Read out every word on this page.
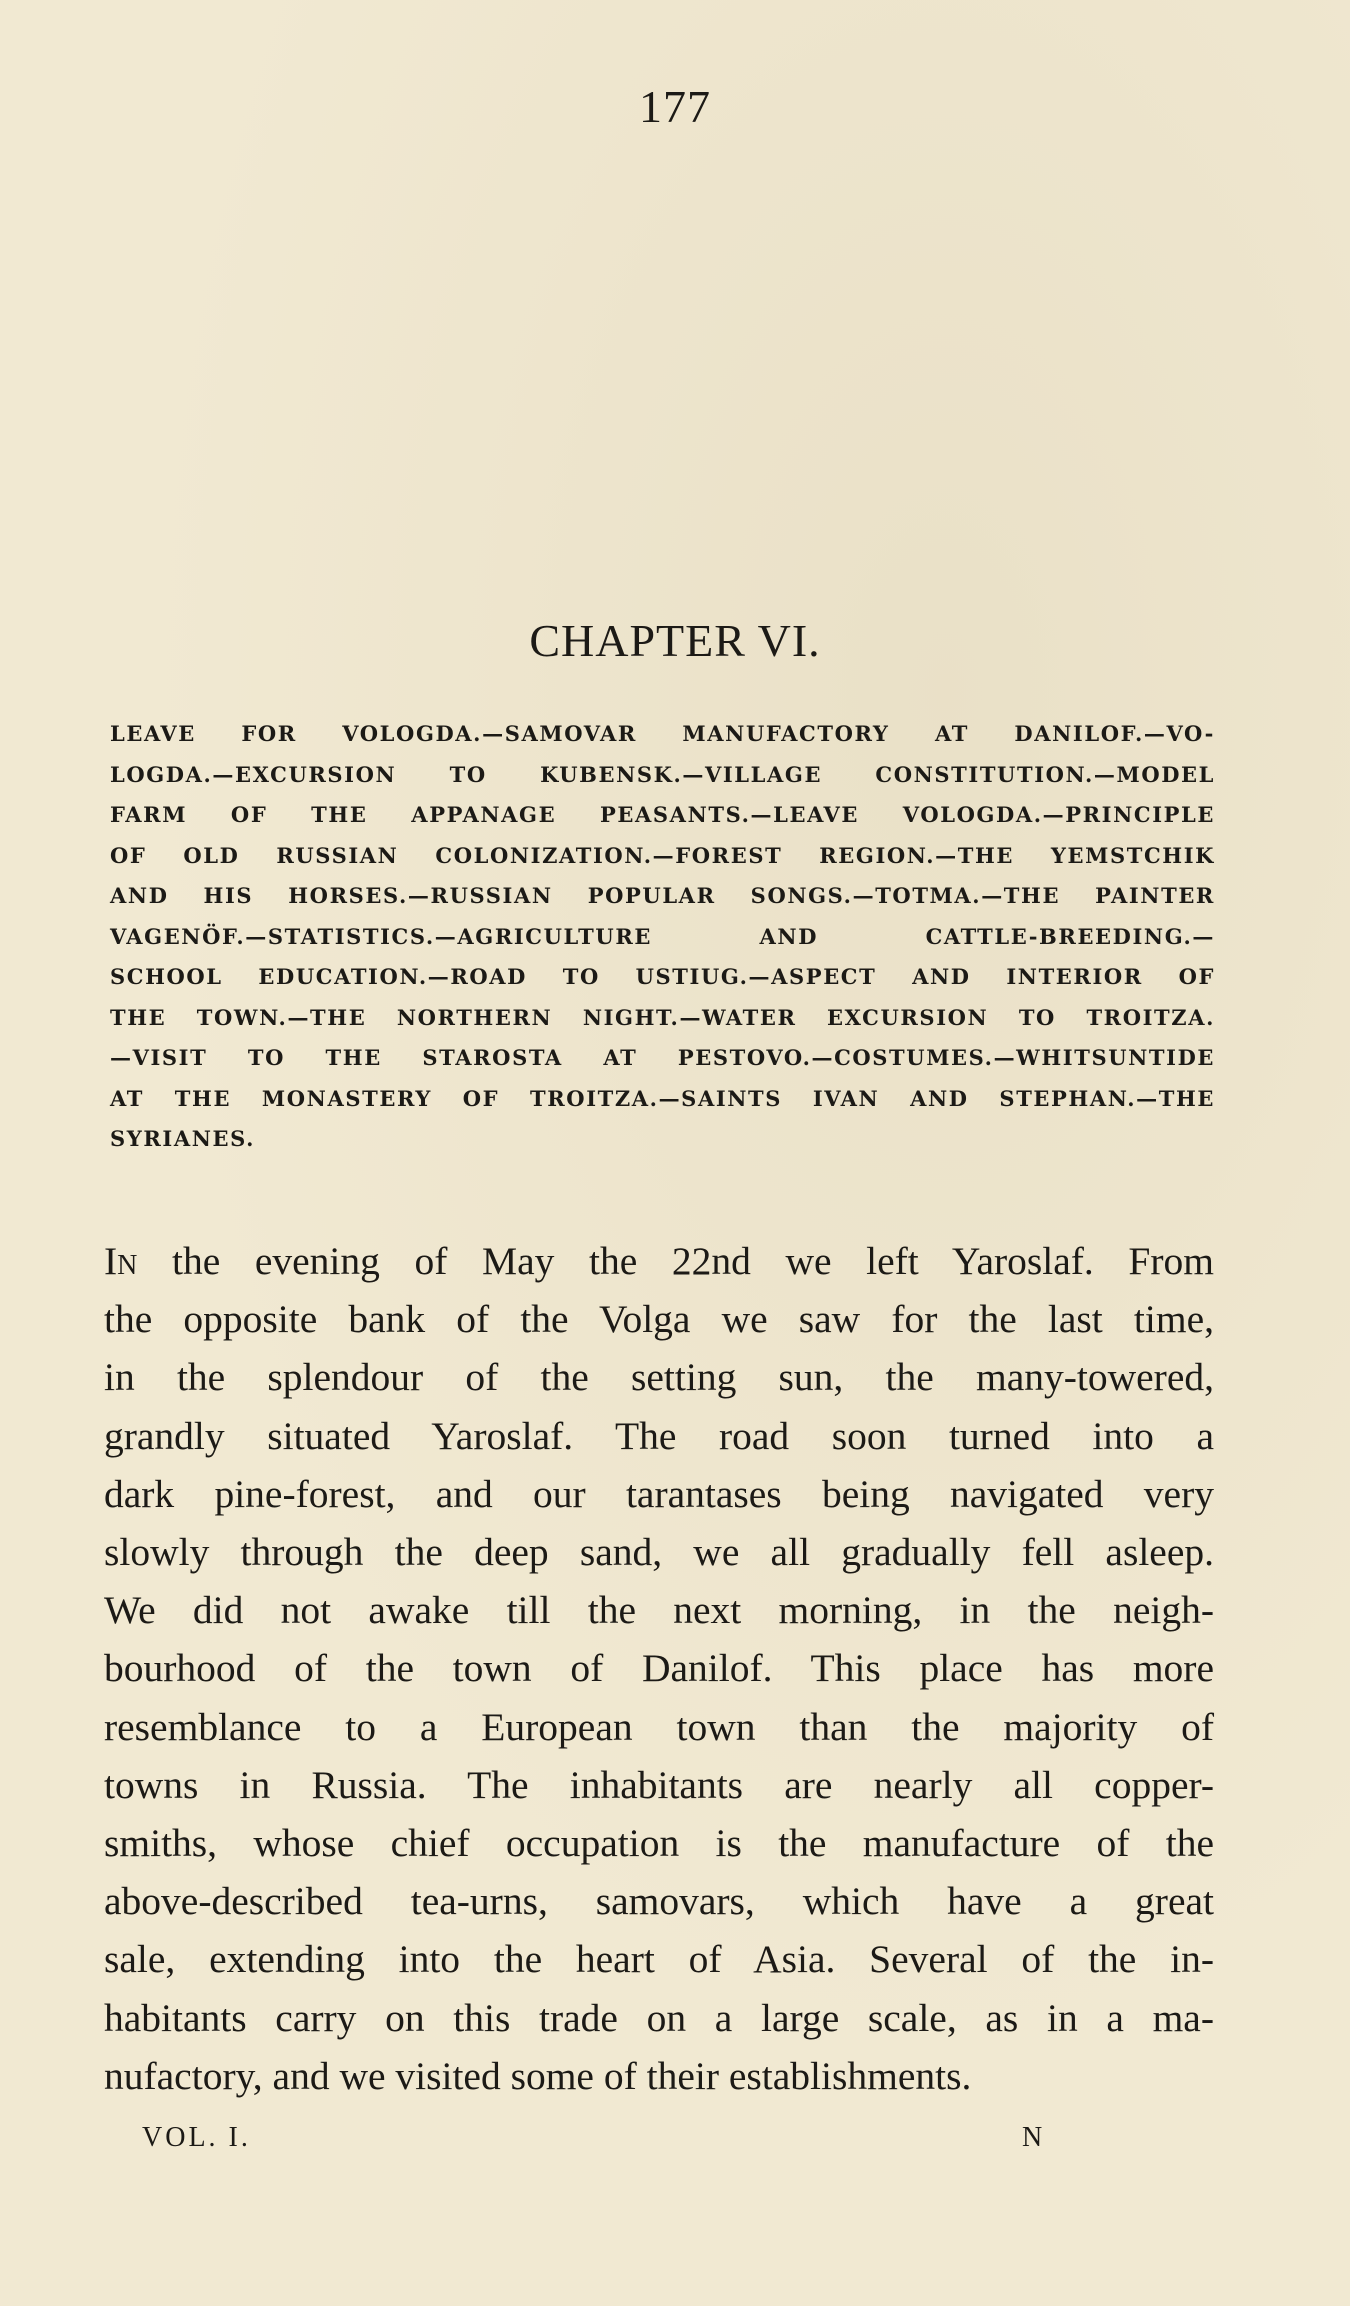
177
CHAPTER VI.
LEAVE FOR VOLOGDA.—SAMOVAR MANUFACTORY AT DANILOF.—VO-
LOGDA.—EXCURSION TO KUBENSK.—VILLAGE CONSTITUTION.—MODEL
FARM OF THE APPANAGE PEASANTS.—LEAVE VOLOGDA.—PRINCIPLE
OF OLD RUSSIAN COLONIZATION.—FOREST REGION.—THE YEMSTCHIK
AND HIS HORSES.—RUSSIAN POPULAR SONGS.—TOTMA.—THE PAINTER
VAGENÖF.—STATISTICS.—AGRICULTURE AND CATTLE-BREEDING.—
SCHOOL EDUCATION.—ROAD TO USTIUG.—ASPECT AND INTERIOR OF
THE TOWN.—THE NORTHERN NIGHT.—WATER EXCURSION TO TROITZA.
—VISIT TO THE STAROSTA AT PESTOVO.—COSTUMES.—WHITSUNTIDE
AT THE MONASTERY OF TROITZA.—SAINTS IVAN AND STEPHAN.—THE
SYRIANES.
In the evening of May the 22nd we left Yaroslaf. From
the opposite bank of the Volga we saw for the last time,
in the splendour of the setting sun, the many-towered,
grandly situated Yaroslaf. The road soon turned into a
dark pine-forest, and our tarantases being navigated very
slowly through the deep sand, we all gradually fell asleep.
We did not awake till the next morning, in the neigh-
bourhood of the town of Danilof. This place has more
resemblance to a European town than the majority of
towns in Russia. The inhabitants are nearly all copper-
smiths, whose chief occupation is the manufacture of the
above-described tea-urns, samovars, which have a great
sale, extending into the heart of Asia. Several of the in-
habitants carry on this trade on a large scale, as in a ma-
nufactory, and we visited some of their establishments.
VOL. I.	N
